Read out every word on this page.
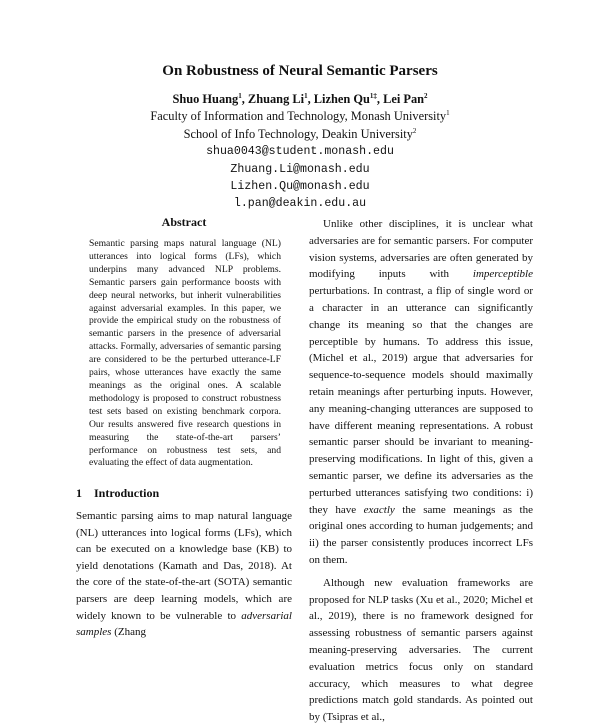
On Robustness of Neural Semantic Parsers
Shuo Huang$^1$, Zhuang Li$^1$, Lizhen $Qu^{1\ddagger}$, Lei Pan$^2$
Faculty of Information and Technology, Monash University$^1$
School of Info Technology, Deakin University$^2$
shua0043@student.monash.edu
Zhuang.Li@monash.edu
Lizhen.Qu@monash.edu
l.pan@deakin.edu.au
Abstract

Semantic parsing maps natural language (NL) utterances into logical forms (LFs), which underpins many advanced NLP problems. Semantic parsers gain performance boosts with deep neural networks, but inherit vulnerabilities against adversarial examples. In this paper, we provide the empirical study on the robustness of semantic parsers in the presence of adversarial attacks. Formally, adversaries of semantic parsing are considered to be the perturbed utterance-LF pairs, whose utterances have exactly the same meanings as the original ones. A scalable methodology is proposed to construct robustness test sets based on existing benchmark corpora. Our results answered five research questions in measuring the state-of-the-art parsers’ performance on robustness test sets, and evaluating the effect of data augmentation.

1 Introduction

Semantic parsing aims to map natural language (NL) utterances into logical forms (LFs), which can be executed on a knowledge base (KB) to yield denotations (Kamath and Das, 2018). At the core of the state-of-the-art (SOTA) semantic parsers are deep learning models, which are widely known to be vulnerable to adversarial samples (Zhang

Unlike other disciplines, it is unclear what adversaries are for semantic parsers. For computer vision systems, adversaries are often generated by modifying inputs with imperceptible perturbations. In contrast, a flip of single word or a character in an utterance can significantly change its meaning so that the changes are perceptible by humans. To address this issue, (Michel et al., 2019) argue that adversaries for sequence-to-sequence models should maximally retain meanings after perturbing inputs. However, any meaning-changing utterances are supposed to have different meaning representations. A robust semantic parser should be invariant to meaning-preserving modifications. In light of this, given a semantic parser, we define its adversaries as the perturbed utterances satisfying two conditions: i) they have exactly the same meanings as the original ones according to human judgements; and ii) the parser consistently produces incorrect LFs on them.

Although new evaluation frameworks are proposed for NLP tasks (Xu et al., 2020; Michel et al., 2019), there is no framework designed for assessing robustness of semantic parsers against meaning-preserving adversaries. The current evaluation metrics focus only on standard accuracy, which measures to what degree predictions match gold standards. As pointed out by (Tsipras et al.,
